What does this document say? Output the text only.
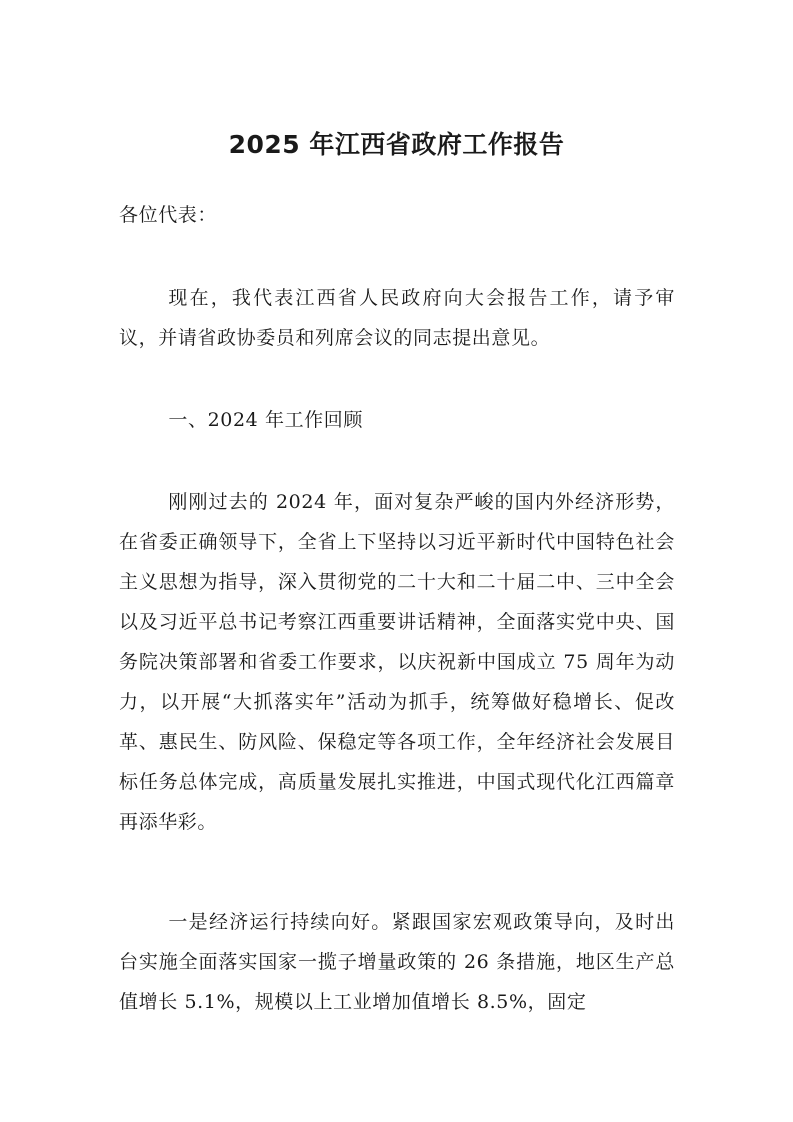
2025 年江西省政府工作报告
各位代表：
现在，我代表江西省人民政府向大会报告工作，请予审议，并请省政协委员和列席会议的同志提出意见。
一、2024 年工作回顾
刚刚过去的 2024 年，面对复杂严峻的国内外经济形势，在省委正确领导下，全省上下坚持以习近平新时代中国特色社会主义思想为指导，深入贯彻党的二十大和二十届二中、三中全会以及习近平总书记考察江西重要讲话精神，全面落实党中央、国务院决策部署和省委工作要求，以庆祝新中国成立 75 周年为动力，以开展“大抓落实年”活动为抓手，统筹做好稳增长、促改革、惠民生、防风险、保稳定等各项工作，全年经济社会发展目标任务总体完成，高质量发展扎实推进，中国式现代化江西篇章再添华彩。
一是经济运行持续向好。紧跟国家宏观政策导向，及时出台实施全面落实国家一揽子增量政策的 26 条措施，地区生产总值增长 5.1%，规模以上工业增加值增长 8.5%，固定
